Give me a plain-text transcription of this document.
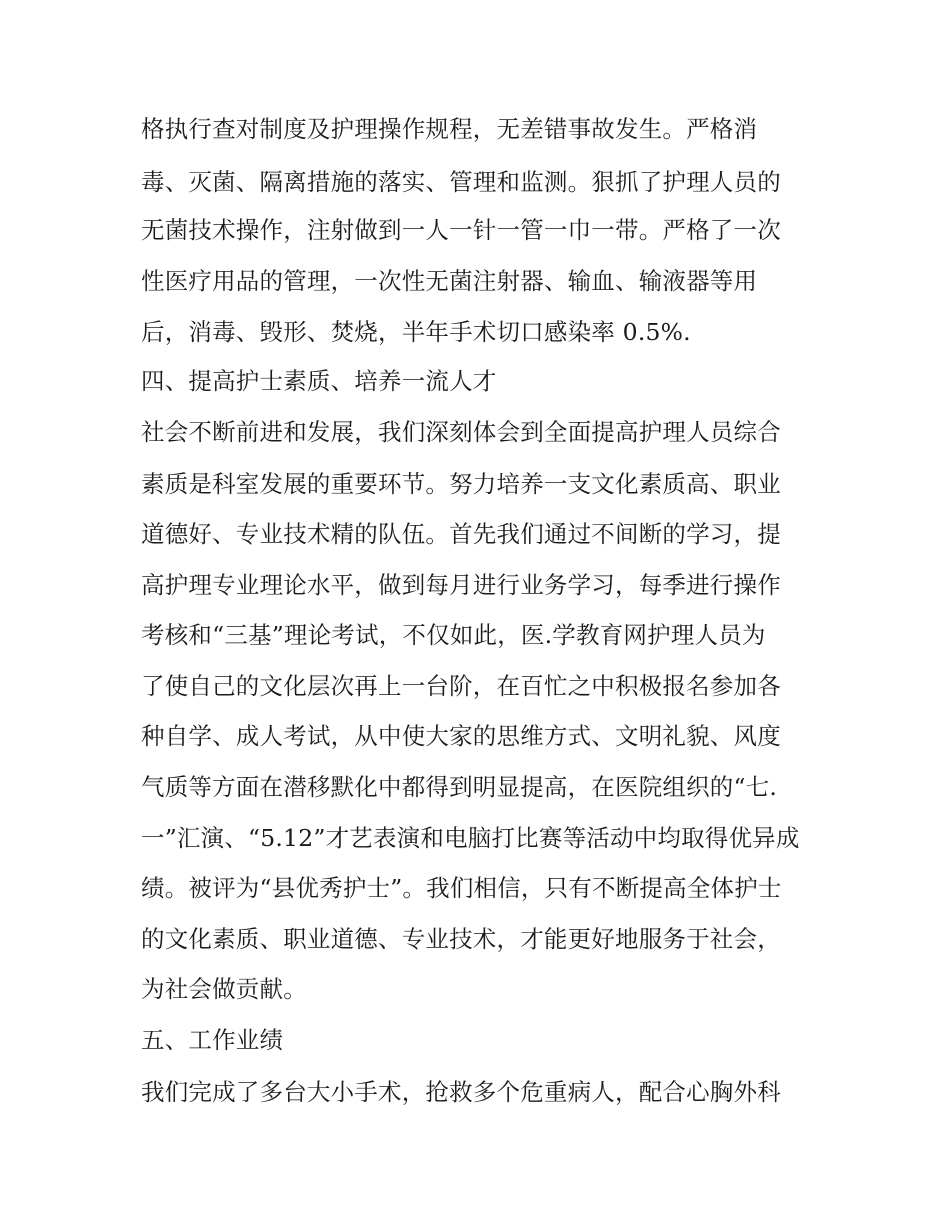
格执行查对制度及护理操作规程，无差错事故发生。严格消
毒、灭菌、隔离措施的落实、管理和监测。狠抓了护理人员的
无菌技术操作，注射做到一人一针一管一巾一带。严格了一次
性医疗用品的管理，一次性无菌注射器、输血、输液器等用
后，消毒、毁形、焚烧，半年手术切口感染率 0.5%.
四、提高护士素质、培养一流人才
社会不断前进和发展，我们深刻体会到全面提高护理人员综合
素质是科室发展的重要环节。努力培养一支文化素质高、职业
道德好、专业技术精的队伍。首先我们通过不间断的学习，提
高护理专业理论水平，做到每月进行业务学习，每季进行操作
考核和“三基”理论考试，不仅如此，医.学教育网护理人员为
了使自己的文化层次再上一台阶，在百忙之中积极报名参加各
种自学、成人考试，从中使大家的思维方式、文明礼貌、风度
气质等方面在潜移默化中都得到明显提高，在医院组织的“七.
一”汇演、“5.12”才艺表演和电脑打比赛等活动中均取得优异成
绩。被评为“县优秀护士”。我们相信，只有不断提高全体护士
的文化素质、职业道德、专业技术，才能更好地服务于社会，
为社会做贡献。
五、工作业绩
我们完成了多台大小手术，抢救多个危重病人，配合心胸外科
